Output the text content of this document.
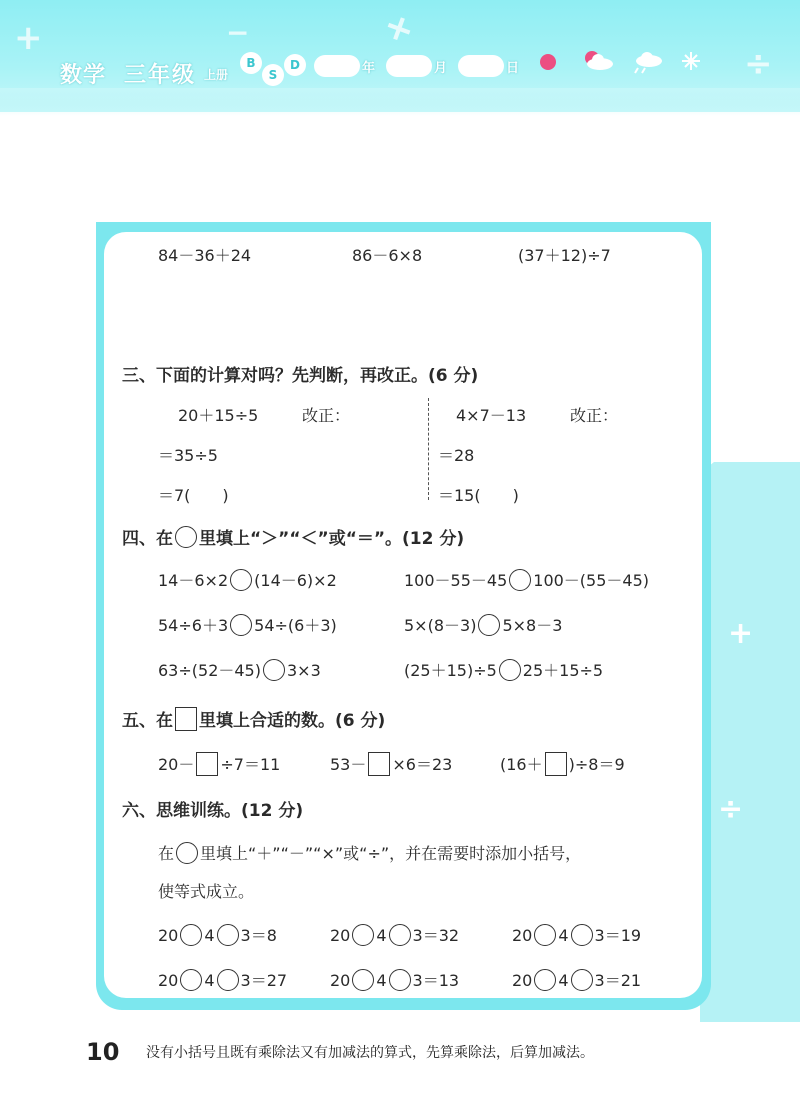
+	−	+
÷
数学 三年级 上册
B
S
D	年	月	日
+
÷
84－36＋24	86－6×8	(37＋12)÷7
三、下面的计算对吗？先判断，再改正。(6 分)
20＋15÷5	改正：
＝35÷5
＝7(　　)
4×7－13	改正：
＝28
＝15(　　)
四、在 里填上“＞”“＜”或“＝”。(12 分)
14－6×2 (14－6)×2	100－55－45 100－(55－45)
54÷6＋3 54÷(6＋3)	5×(8－3) 5×8－3
63÷(52－45) 3×3	(25＋15)÷5 25＋15÷5
五、在 里填上合适的数。(6 分)
20－ ÷7＝11	53－ ×6＝23	(16＋ )÷8＝9
六、思维训练。(12 分)
在 里填上“＋”“－”“×”或“÷”，并在需要时添加小括号，
使等式成立。
20 4 3＝8	20 4 3＝32	20 4 3＝19
20 4 3＝27	20 4 3＝13	20 4 3＝21
10 没有小括号且既有乘除法又有加减法的算式，先算乘除法，后算加减法。
